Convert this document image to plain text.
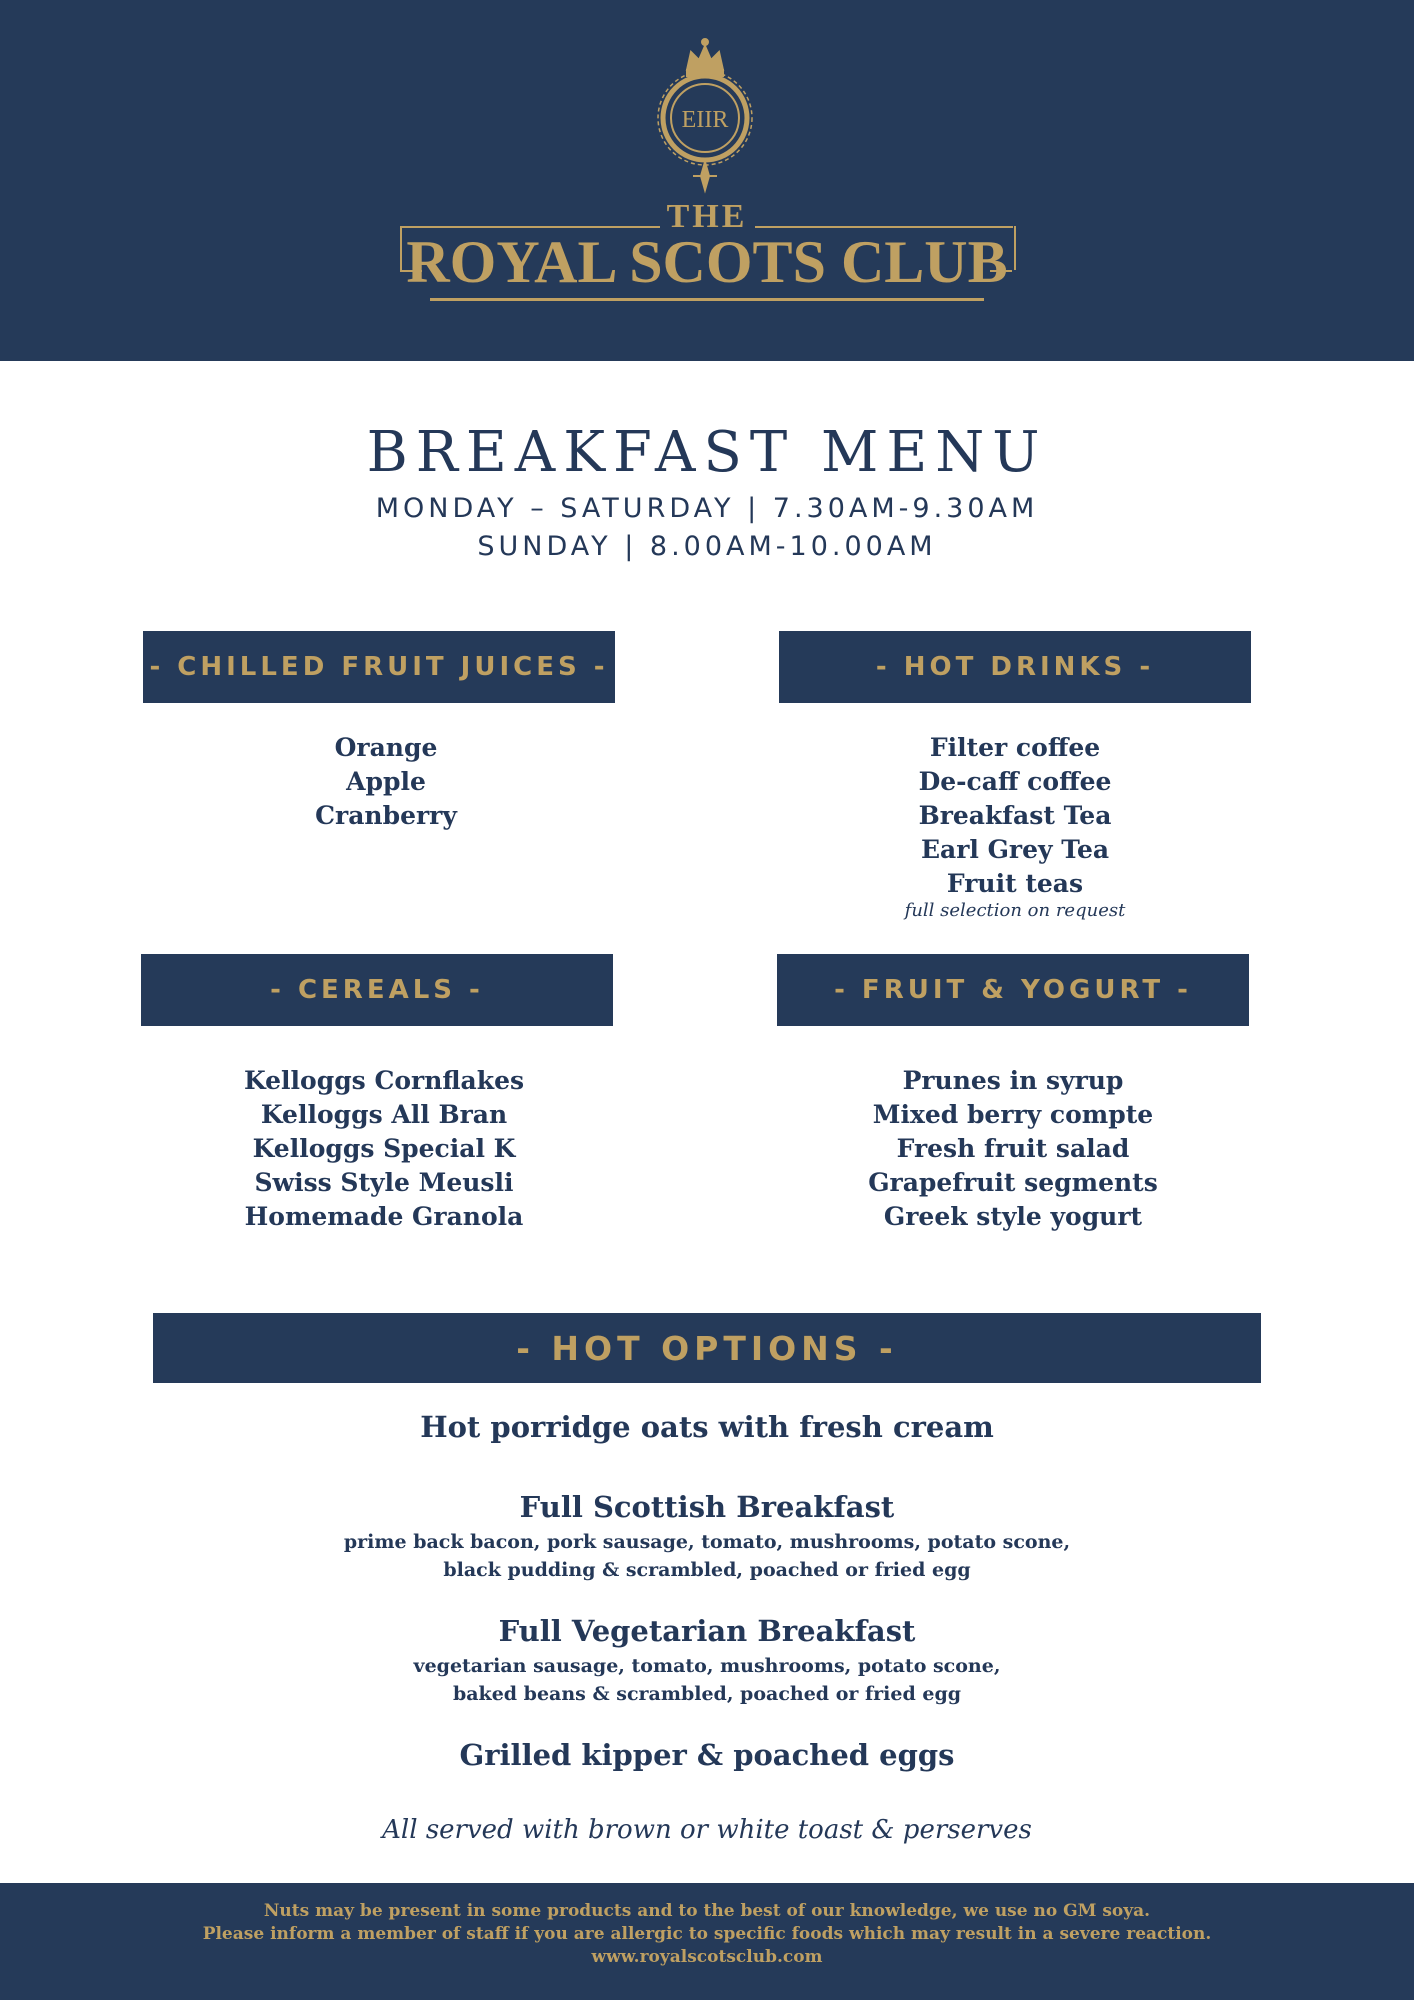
EIIR
THE
ROYAL SCOTS CLUB
BREAKFAST MENU
MONDAY – SATURDAY | 7.30AM-9.30AM
SUNDAY | 8.00AM-10.00AM
- CHILLED FRUIT JUICES -
Orange
Apple
Cranberry
- HOT DRINKS -
Filter coffee
De-caff coffee
Breakfast Tea
Earl Grey Tea
Fruit teas
full selection on request
- CEREALS -
Kelloggs Cornflakes
Kelloggs All Bran
Kelloggs Special K
Swiss Style Meusli
Homemade Granola
- FRUIT & YOGURT -
Prunes in syrup
Mixed berry compte
Fresh fruit salad
Grapefruit segments
Greek style yogurt
- HOT OPTIONS -
Hot porridge oats with fresh cream
Full Scottish Breakfast
prime back bacon, pork sausage, tomato, mushrooms, potato scone,
black pudding & scrambled, poached or fried egg
Full Vegetarian Breakfast
vegetarian sausage, tomato, mushrooms, potato scone,
baked beans & scrambled, poached or fried egg
Grilled kipper & poached eggs
All served with brown or white toast & perserves
Nuts may be present in some products and to the best of our knowledge, we use no GM soya.
Please inform a member of staff if you are allergic to specific foods which may result in a severe reaction.
www.royalscotsclub.com
